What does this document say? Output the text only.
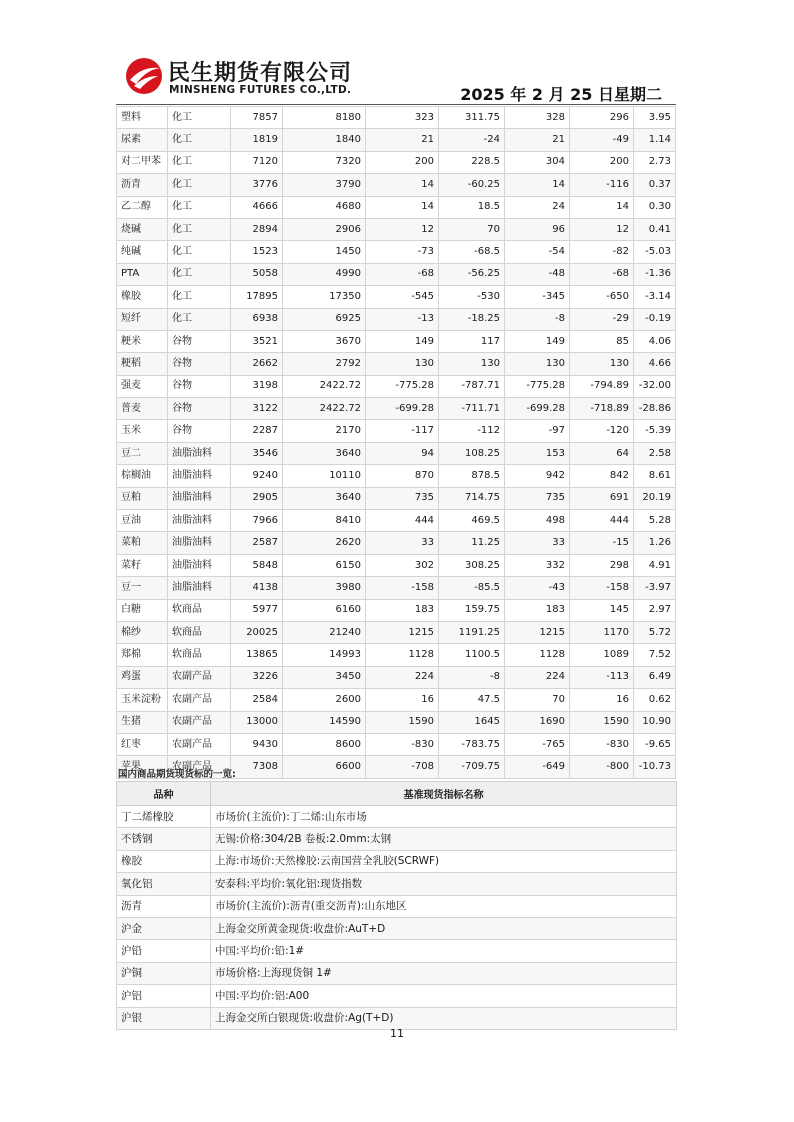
民生期货有限公司
MINSHENG FUTURES CO.,LTD.	2025 年 2 月 25 日星期二
塑料	化工	7857	8180	323	311.75	328	296	3.95
尿素	化工	1819	1840	21	-24	21	-49	1.14
对二甲苯	化工	7120	7320	200	228.5	304	200	2.73
沥青	化工	3776	3790	14	-60.25	14	-116	0.37
乙二醇	化工	4666	4680	14	18.5	24	14	0.30
烧碱	化工	2894	2906	12	70	96	12	0.41
纯碱	化工	1523	1450	-73	-68.5	-54	-82	-5.03
PTA	化工	5058	4990	-68	-56.25	-48	-68	-1.36
橡胶	化工	17895	17350	-545	-530	-345	-650	-3.14
短纤	化工	6938	6925	-13	-18.25	-8	-29	-0.19
粳米	谷物	3521	3670	149	117	149	85	4.06
粳稻	谷物	2662	2792	130	130	130	130	4.66
强麦	谷物	3198	2422.72	-775.28	-787.71	-775.28	-794.89	-32.00
普麦	谷物	3122	2422.72	-699.28	-711.71	-699.28	-718.89	-28.86
玉米	谷物	2287	2170	-117	-112	-97	-120	-5.39
豆二	油脂油料	3546	3640	94	108.25	153	64	2.58
棕榈油	油脂油料	9240	10110	870	878.5	942	842	8.61
豆粕	油脂油料	2905	3640	735	714.75	735	691	20.19
豆油	油脂油料	7966	8410	444	469.5	498	444	5.28
菜粕	油脂油料	2587	2620	33	11.25	33	-15	1.26
菜籽	油脂油料	5848	6150	302	308.25	332	298	4.91
豆一	油脂油料	4138	3980	-158	-85.5	-43	-158	-3.97
白糖	软商品	5977	6160	183	159.75	183	145	2.97
棉纱	软商品	20025	21240	1215	1191.25	1215	1170	5.72
郑棉	软商品	13865	14993	1128	1100.5	1128	1089	7.52
鸡蛋	农副产品	3226	3450	224	-8	224	-113	6.49
玉米淀粉	农副产品	2584	2600	16	47.5	70	16	0.62
生猪	农副产品	13000	14590	1590	1645	1690	1590	10.90
红枣	农副产品	9430	8600	-830	-783.75	-765	-830	-9.65
苹果	农副产品	7308	6600	-708	-709.75	-649	-800	-10.73
国内商品期货现货标的一览:
品种	基准现货指标名称
丁二烯橡胶	市场价(主流价):丁二烯:山东市场
不锈钢	无锡:价格:304/2B 卷板:2.0mm:太钢
橡胶	上海:市场价:天然橡胶:云南国营全乳胶(SCRWF)
氧化铝	安泰科:平均价:氧化铝:现货指数
沥青	市场价(主流价):沥青(重交沥青):山东地区
沪金	上海金交所黄金现货:收盘价:AuT+D
沪铅	中国:平均价:铅:1#
沪铜	市场价格:上海现货铜 1#
沪铝	中国:平均价:铝:A00
沪银	上海金交所白银现货:收盘价:Ag(T+D)
11
